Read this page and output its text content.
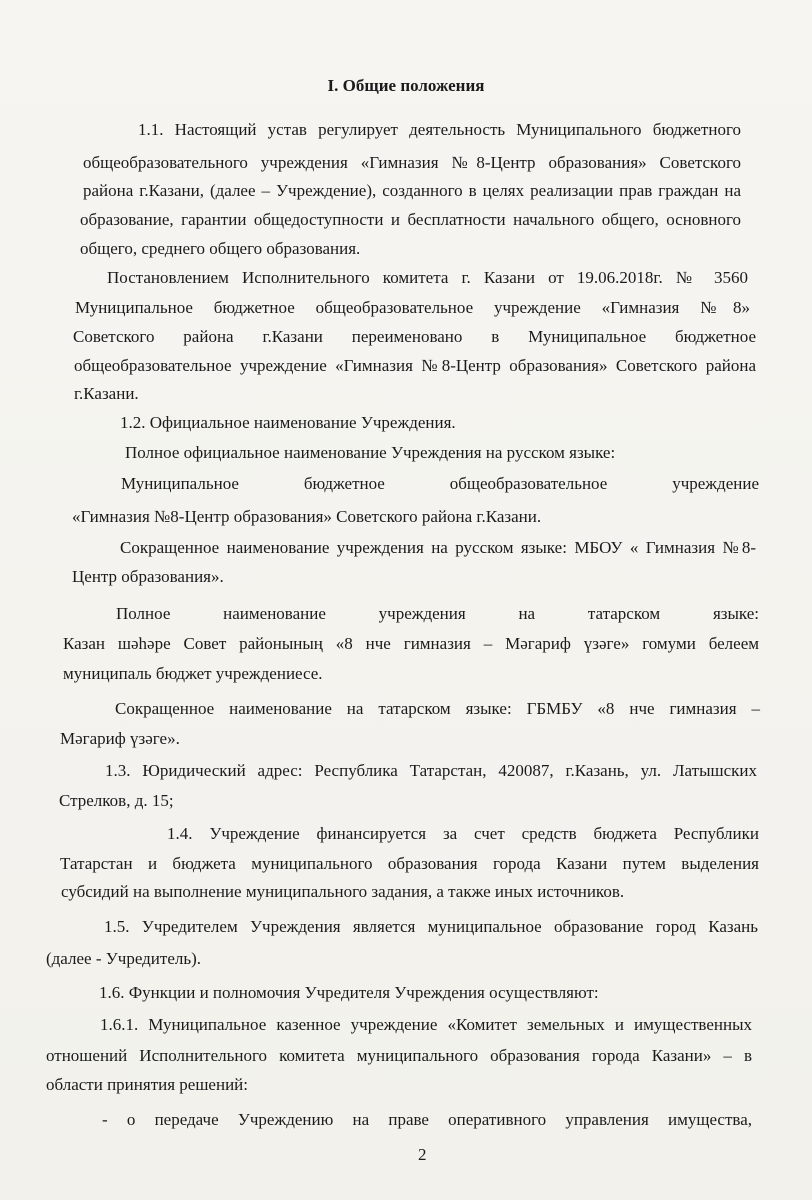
I. Общие положения
1.1. Настоящий устав регулирует деятельность Муниципального бюджетного
общеобразовательного учреждения «Гимназия №8-Центр образования» Советского
района г.Казани, (далее – Учреждение), созданного в целях реализации прав граждан на
образование, гарантии общедоступности и бесплатности начального общего, основного
общего, среднего общего образования.
Постановлением Исполнительного комитета г. Казани от 19.06.2018г. № 3560
Муниципальное бюджетное общеобразовательное учреждение «Гимназия №8»
Советского района г.Казани переименовано в Муниципальное бюджетное
общеобразовательное учреждение «Гимназия №8-Центр образования» Советского района
г.Казани.
1.2. Официальное наименование Учреждения.
Полное официальное наименование Учреждения на русском языке:
Муниципальное бюджетное общеобразовательное учреждение
«Гимназия №8-Центр образования» Советского района г.Казани.
Сокращенное наименование учреждения на русском языке: МБОУ « Гимназия №8-
Центр образования».
Полное наименование учреждения на татарском языке:
Казан шәһәре Совет районының «8 нче гимназия – Мәгариф үзәге» гомуми белеем
муниципаль бюджет учреждениесе.
Сокращенное наименование на татарском языке: ГБМБУ «8 нче гимназия –
Мәгариф үзәге».
1.3. Юридический адрес: Республика Татарстан, 420087, г.Казань, ул. Латышских
Стрелков, д. 15;
1.4. Учреждение финансируется за счет средств бюджета Республики
Татарстан и бюджета муниципального образования города Казани путем выделения
субсидий на выполнение муниципального задания, а также иных источников.
1.5. Учредителем Учреждения является муниципальное образование город Казань
(далее - Учредитель).
1.6. Функции и полномочия Учредителя Учреждения осуществляют:
1.6.1. Муниципальное казенное учреждение «Комитет земельных и имущественных
отношений Исполнительного комитета муниципального образования города Казани» – в
области принятия решений:
- о передаче Учреждению на праве оперативного управления имущества,
2
